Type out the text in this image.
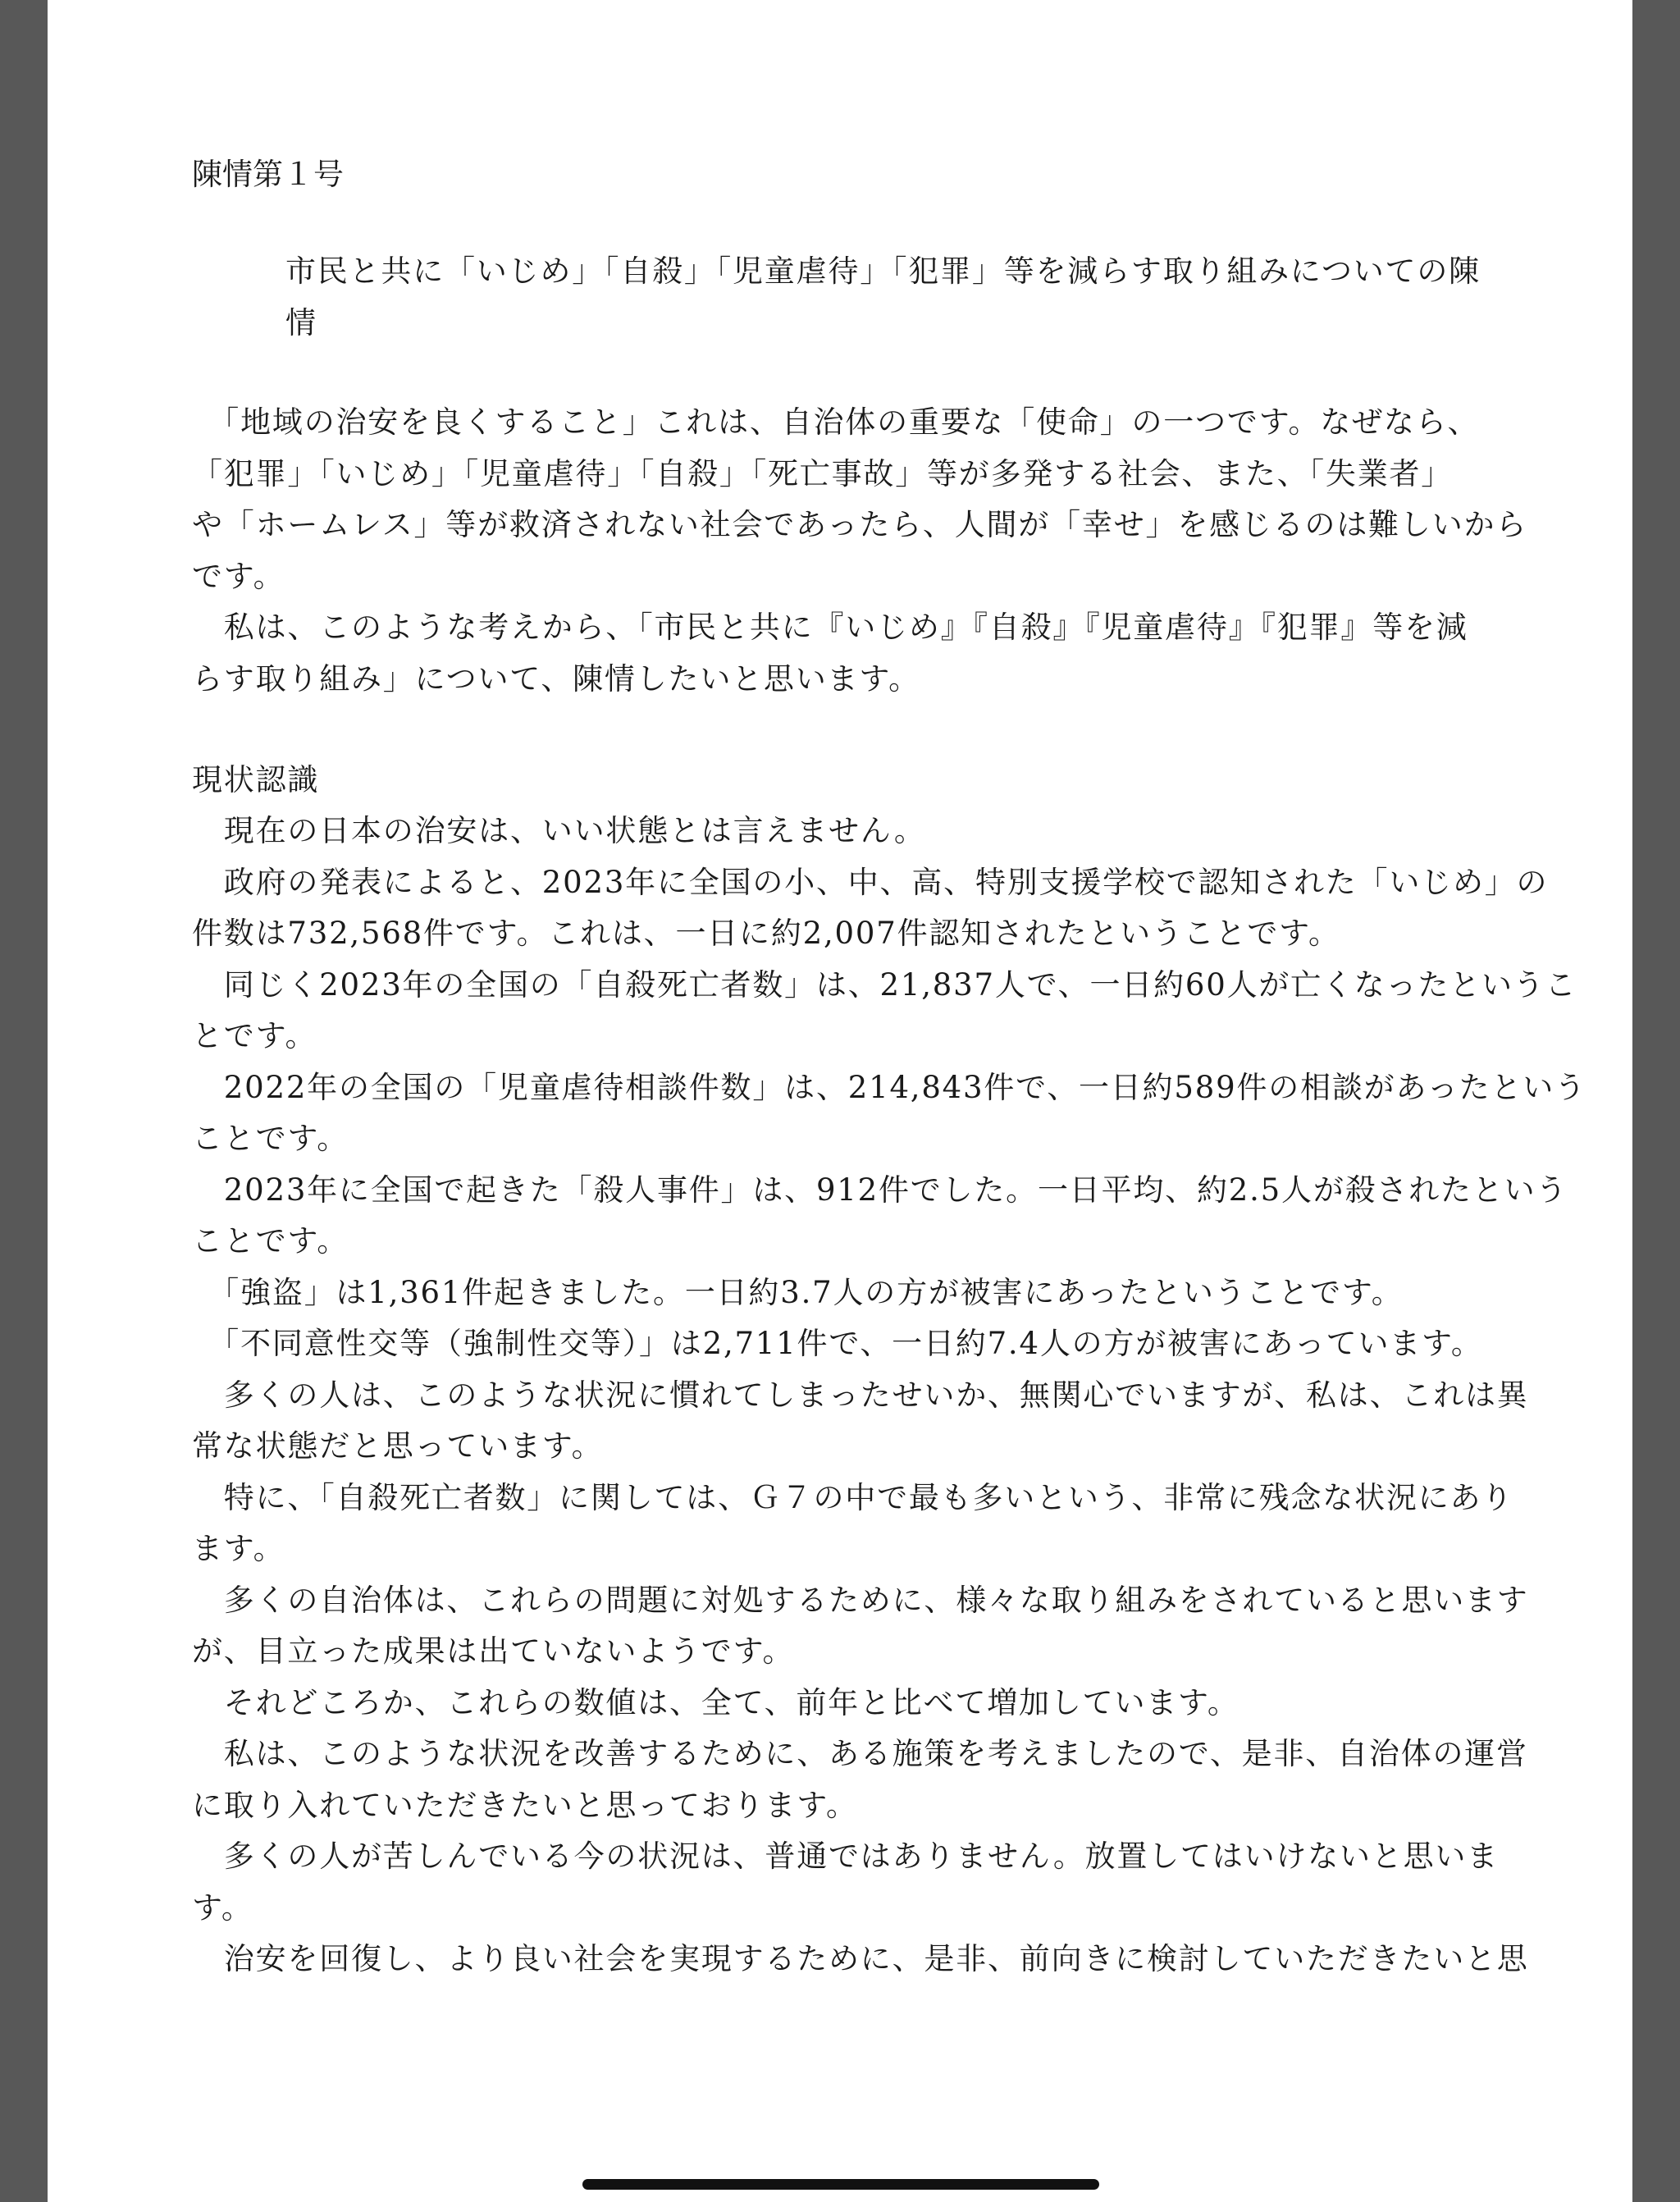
陳情第１号
市民と共に「いじめ」「自殺」「児童虐待」「犯罪」等を減らす取り組みについての陳
情
　「地域の治安を良くすること」これは、自治体の重要な「使命」の一つです。なぜなら、
「犯罪」「いじめ」「児童虐待」「自殺」「死亡事故」等が多発する社会、また、「失業者」
や「ホームレス」等が救済されない社会であったら、人間が「幸せ」を感じるのは難しいから
です。
　私は、このような考えから、「市民と共に『いじめ』『自殺』『児童虐待』『犯罪』等を減
らす取り組み」について、陳情したいと思います。
現状認識
　現在の日本の治安は、いい状態とは言えません。
　政府の発表によると、2023年に全国の小、中、高、特別支援学校で認知された「いじめ」の
件数は732,568件です。これは、一日に約2,007件認知されたということです。
　同じく2023年の全国の「自殺死亡者数」は、21,837人で、一日約60人が亡くなったというこ
とです。
　2022年の全国の「児童虐待相談件数」は、214,843件で、一日約589件の相談があったという
ことです。
　2023年に全国で起きた「殺人事件」は、912件でした。一日平均、約2.5人が殺されたという
ことです。
　「強盗」は1,361件起きました。一日約3.7人の方が被害にあったということです。
　「不同意性交等（強制性交等）」は2,711件で、一日約7.4人の方が被害にあっています。
　多くの人は、このような状況に慣れてしまったせいか、無関心でいますが、私は、これは異
常な状態だと思っています。
　特に、「自殺死亡者数」に関しては、Ｇ７の中で最も多いという、非常に残念な状況にあり
ます。
　多くの自治体は、これらの問題に対処するために、様々な取り組みをされていると思います
が、目立った成果は出ていないようです。
　それどころか、これらの数値は、全て、前年と比べて増加しています。
　私は、このような状況を改善するために、ある施策を考えましたので、是非、自治体の運営
に取り入れていただきたいと思っております。
　多くの人が苦しんでいる今の状況は、普通ではありません。放置してはいけないと思いま
す。
　治安を回復し、より良い社会を実現するために、是非、前向きに検討していただきたいと思
